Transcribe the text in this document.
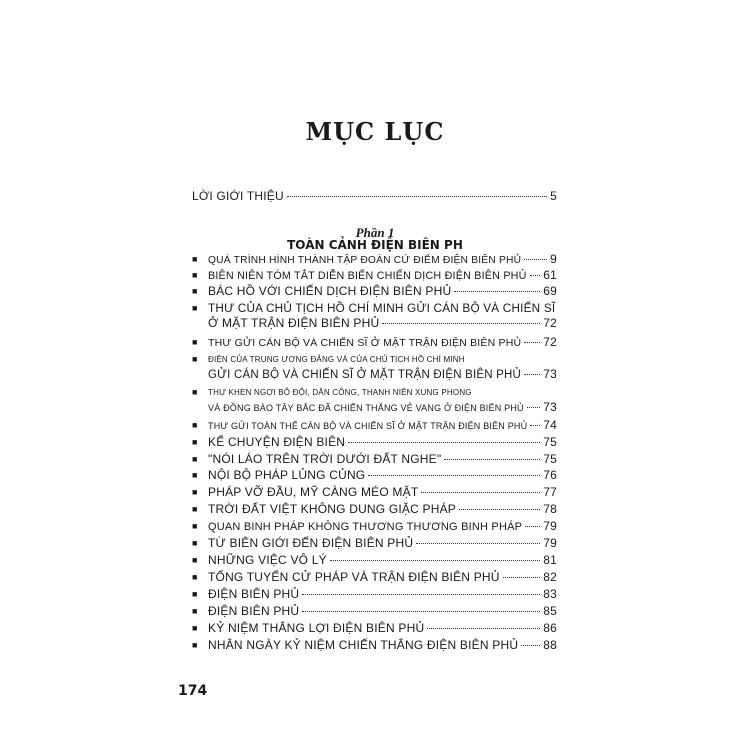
MỤC LỤC
LỜI GIỚI THIỆU	5
Phần 1
TOÀN CẢNH ĐIỆN BIÊN PH
■	QUÁ TRÌNH HÌNH THÀNH TẬP ĐOÀN CỨ ĐIỂM ĐIỆN BIÊN PHỦ 9
■ BIÊN NIÊN TÓM TẮT DIỄN BIẾN CHIẾN DỊCH ĐIỆN BIÊN PHỦ 61
■ BÁC HỒ VỚI CHIẾN DỊCH ĐIỆN BIÊN PHỦ	69
■ THƯ CỦA CHỦ TỊCH HỒ CHÍ MINH GỬI CÁN BỘ VÀ CHIẾN SĨ
Ở MẶT TRẬN ĐIỆN BIÊN PHỦ	72
■	THƯ GỬI CÁN BỘ VÀ CHIẾN SĨ Ở MẶT TRẬN ĐIỆN BIÊN PHỦ 72
■	ĐIỆN CỦA TRUNG ƯƠNG ĐẢNG VÀ CỦA CHỦ TỊCH HỒ CHÍ MINH
GỬI CÁN BỘ VÀ CHIẾN SĨ Ở MẶT TRẬN ĐIỆN BIÊN PHỦ 73
■	THƯ KHEN NGỢI BỘ ĐỘI, DÂN CÔNG, THANH NIÊN XUNG PHONG
VÀ ĐỒNG BÀO TÂY BẮC ĐÃ CHIẾN THẮNG VẺ VANG Ở ĐIỆN BIÊN PHỦ 73
■	THƯ GỬI TOÀN THỂ CÁN BỘ VÀ CHIẾN SĨ Ở MẶT TRẬN ĐIỆN BIÊN PHỦ 74
■ KỂ CHUYỆN ĐIỆN BIÊN	75
■ "NÓI LÁO TRÊN TRỜI DƯỚI ĐẤT NGHE"	75
■ NỘI BỘ PHÁP LỦNG CỦNG	76
■ PHÁP VỠ ĐẦU, MỸ CÀNG MÉO MẶT	77
■ TRỜI ĐẤT VIỆT KHÔNG DUNG GIẶC PHÁP	78
■ QUAN BINH PHÁP KHÔNG THƯƠNG THƯƠNG BINH PHÁP 79
■ TỪ BIÊN GIỚI ĐẾN ĐIỆN BIÊN PHỦ	79
■ NHỮNG VIỆC VÔ LÝ	81
■ TỔNG TUYỂN CỬ PHÁP VÀ TRẬN ĐIỆN BIÊN PHỦ	82
■ ĐIỆN BIÊN PHỦ	83
■ ĐIỆN BIÊN PHỦ	85
■ KỶ NIỆM THẮNG LỢI ĐIỆN BIÊN PHỦ	86
■ NHÂN NGÀY KỶ NIỆM CHIẾN THẮNG ĐIỆN BIÊN PHỦ 88
174
